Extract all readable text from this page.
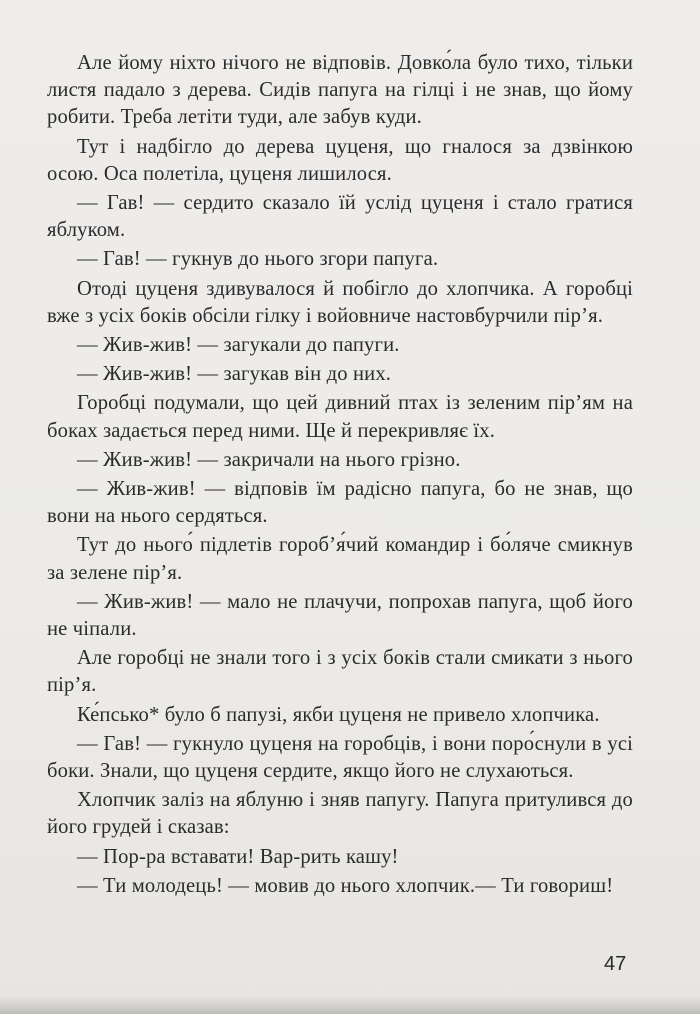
Але йому ніхто нічого не відповів. Довко́ла було тихо, тільки листя падало з дерева. Сидів папуга на гілці і не знав, що йому робити. Треба летіти туди, але забув куди.

Тут і надбігло до дерева цуценя, що гналося за дзвінкою осою. Оса полетіла, цуценя лишилося.

— Гав! — сердито сказало їй услід цуценя і стало гратися яблуком.

— Гав! — гукнув до нього згори папуга.

Отоді цуценя здивувалося й побігло до хлопчика. А горобці вже з усіх боків обсіли гілку і войовниче настовбурчили пір’я.

— Жив-жив! — загукали до папуги.

— Жив-жив! — загукав він до них.

Горобці подумали, що цей дивний птах із зеленим пір’ям на боках задається перед ними. Ще й перекривляє їх.

— Жив-жив! — закричали на нього грізно.

— Жив-жив! — відповів їм радісно папуга, бо не знав, що вони на нього сердяться.

Тут до нього́ підлетів гороб’я́чий командир і бо́ляче смикнув за зелене пір’я.

— Жив-жив! — мало не плачучи, попрохав папуга, щоб його не чіпали.

Але горобці не знали того і з усіх боків стали смикати з нього пір’я.

Ке́псько* було б папузі, якби цуценя не привело хлопчика.

— Гав! — гукнуло цуценя на горобців, і вони поро́снули в усі боки. Знали, що цуценя сердите, якщо його не слухаються.

Хлопчик заліз на яблуню і зняв папугу. Папуга притулився до його грудей і сказав:

— Пор-ра вставати! Вар-рить кашу!

— Ти молодець! — мовив до нього хлопчик.— Ти говориш!

47
